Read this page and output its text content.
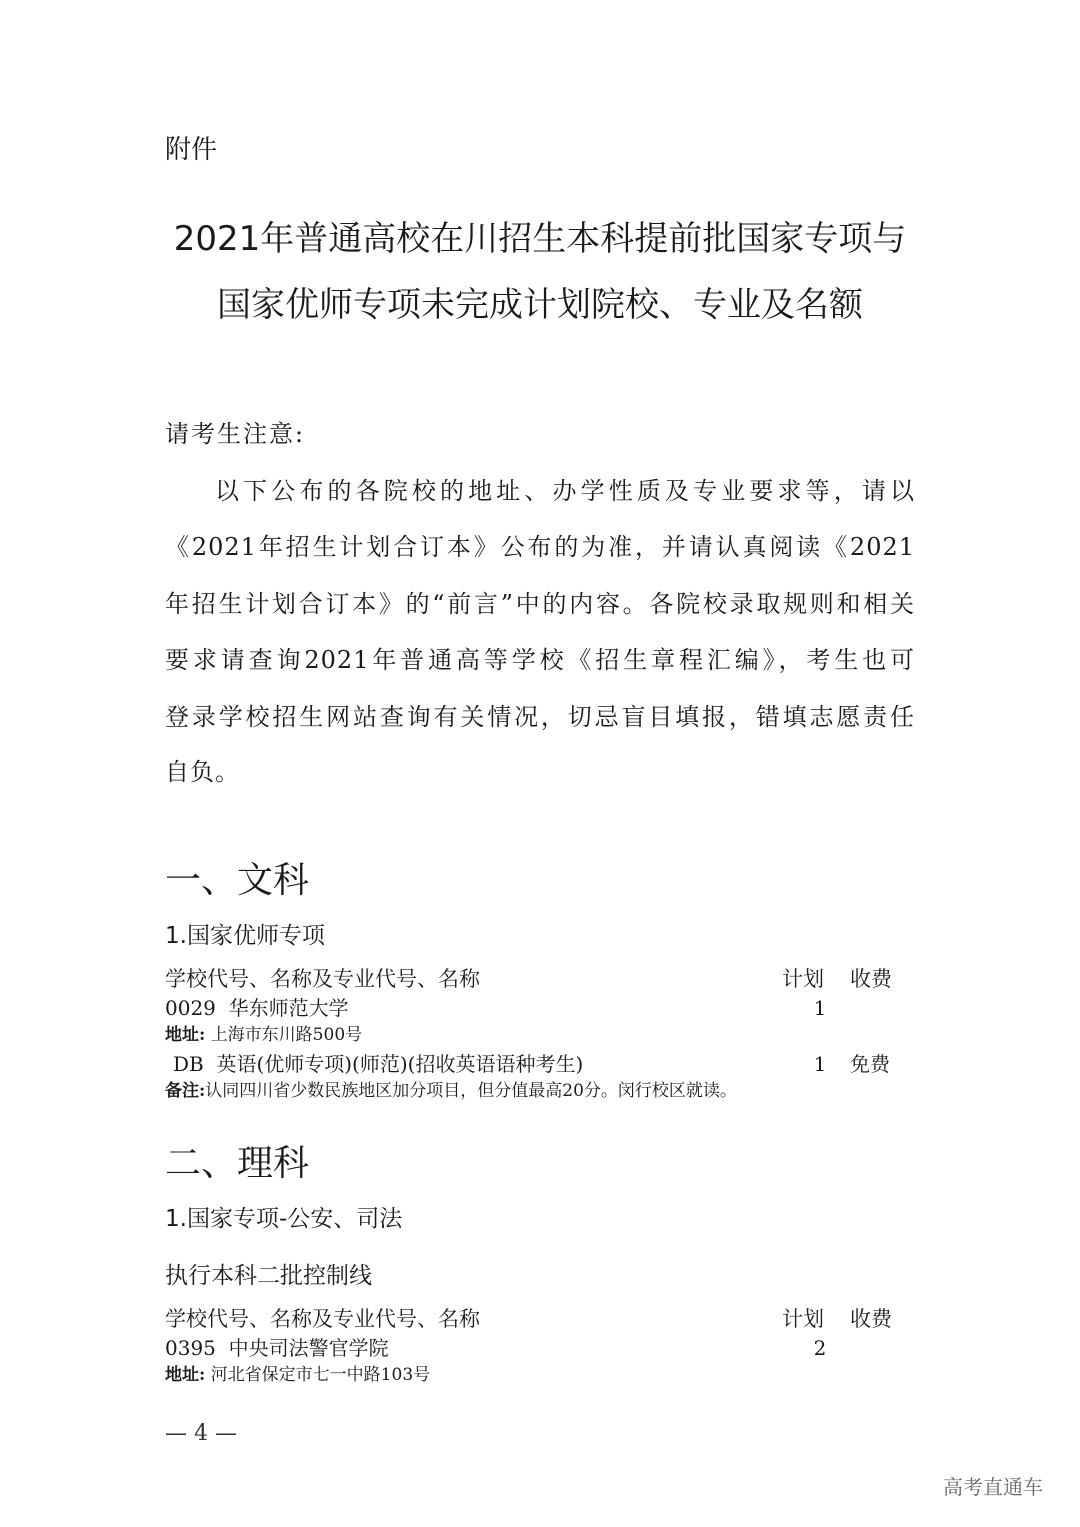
附件
2021年普通高校在川招生本科提前批国家专项与
国家优师专项未完成计划院校、专业及名额
请考生注意:
以下公布的各院校的地址、办学性质及专业要求等，请以
《2021年招生计划合订本》公布的为准，并请认真阅读《2021
年招生计划合订本》的“前言”中的内容。各院校录取规则和相关
要求请查询2021年普通高等学校《招生章程汇编》，考生也可
登录学校招生网站查询有关情况，切忌盲目填报，错填志愿责任
自负。
一、文科
1.国家优师专项
学校代号、名称及专业代号、名称	计划 收费
0029  华东师范大学	1
地址: 上海市东川路500号
DB  英语(优师专项)(师范)(招收英语语种考生)	1	免费
备注:认同四川省少数民族地区加分项目，但分值最高20分。闵行校区就读。
二、理科
1.国家专项-公安、司法
执行本科二批控制线
学校代号、名称及专业代号、名称	计划 收费
0395  中央司法警官学院	2
地址: 河北省保定市七一中路103号
— 4 —
高考直通车
